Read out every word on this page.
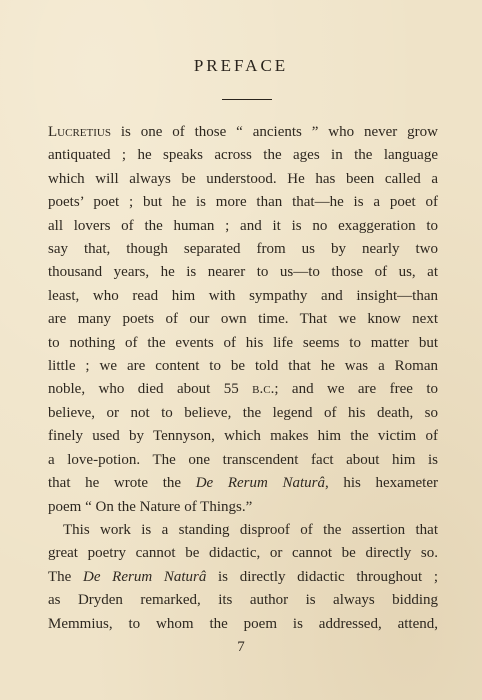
PREFACE

Lucretius is one of those “ ancients ” who never grow
antiquated ; he speaks across the ages in the language
which will always be understood. He has been called a
poets’ poet ; but he is more than that—he is a poet of
all lovers of the human ; and it is no exaggeration to
say that, though separated from us by nearly two
thousand years, he is nearer to us—to those of us, at
least, who read him with sympathy and insight—than
are many poets of our own time. That we know next
to nothing of the events of his life seems to matter but
little ; we are content to be told that he was a Roman
noble, who died about 55 b.c.; and we are free to
believe, or not to believe, the legend of his death, so
finely used by Tennyson, which makes him the victim of
a love-potion. The one transcendent fact about him is
that he wrote the De Rerum Naturâ, his hexameter
poem “ On the Nature of Things.”

This work is a standing disproof of the assertion that
great poetry cannot be didactic, or cannot be directly so.
The De Rerum Naturâ is directly didactic throughout ;
as Dryden remarked, its author is always bidding
Memmius, to whom the poem is addressed, attend,

7
